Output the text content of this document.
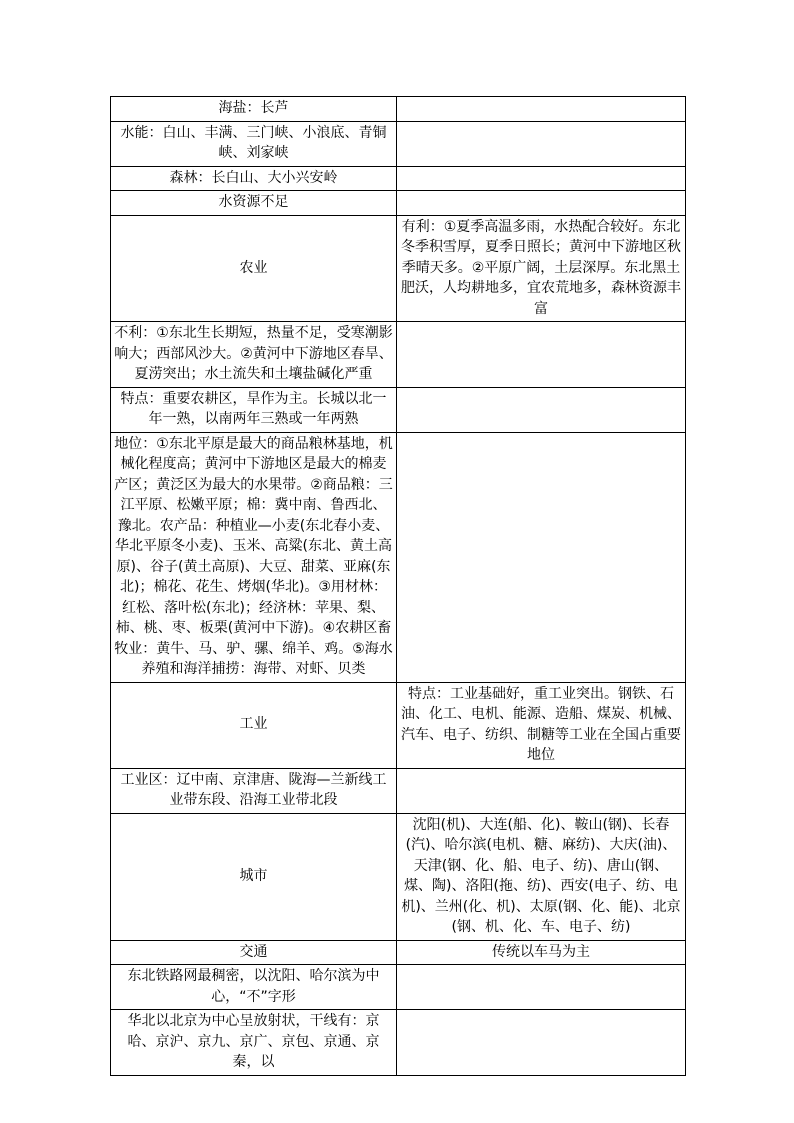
海盐：长芦	
水能：白山、丰满、三门峡、小浪底、青铜峡、刘家峡	
森林：长白山、大小兴安岭	
水资源不足	
农业	有利：①夏季高温多雨，水热配合较好。东北冬季积雪厚，夏季日照长；黄河中下游地区秋季晴天多。②平原广阔，土层深厚。东北黑土肥沃，人均耕地多，宜农荒地多，森林资源丰富
不利：①东北生长期短，热量不足，受寒潮影响大；西部风沙大。②黄河中下游地区春旱、夏涝突出；水土流失和土壤盐碱化严重	
特点：重要农耕区，旱作为主。长城以北一年一熟，以南两年三熟或一年两熟	
地位：①东北平原是最大的商品粮林基地，机械化程度高；黄河中下游地区是最大的棉麦产区；黄泛区为最大的水果带。②商品粮：三江平原、松嫩平原；棉：冀中南、鲁西北、豫北。农产品：种植业—小麦(东北春小麦、华北平原冬小麦)、玉米、高粱(东北、黄土高原)、谷子(黄土高原)、大豆、甜菜、亚麻(东北)；棉花、花生、烤烟(华北)。③用材林：红松、落叶松(东北)；经济林：苹果、梨、柿、桃、枣、板栗(黄河中下游)。④农耕区畜牧业：黄牛、马、驴、骡、绵羊、鸡。⑤海水养殖和海洋捕捞：海带、对虾、贝类	
工业	特点：工业基础好，重工业突出。钢铁、石油、化工、电机、能源、造船、煤炭、机械、汽车、电子、纺织、制糖等工业在全国占重要地位
工业区：辽中南、京津唐、陇海—兰新线工业带东段、沿海工业带北段	
城市	沈阳(机)、大连(船、化)、鞍山(钢)、长春(汽)、哈尔滨(电机、糖、麻纺)、大庆(油)、天津(钢、化、船、电子、纺)、唐山(钢、煤、陶)、洛阳(拖、纺)、西安(电子、纺、电机)、兰州(化、机)、太原(钢、化、能)、北京(钢、机、化、车、电子、纺)
交通	传统以车马为主
东北铁路网最稠密，以沈阳、哈尔滨为中心，“不”字形	
华北以北京为中心呈放射状，干线有：京哈、京沪、京九、京广、京包、京通、京秦，以	
